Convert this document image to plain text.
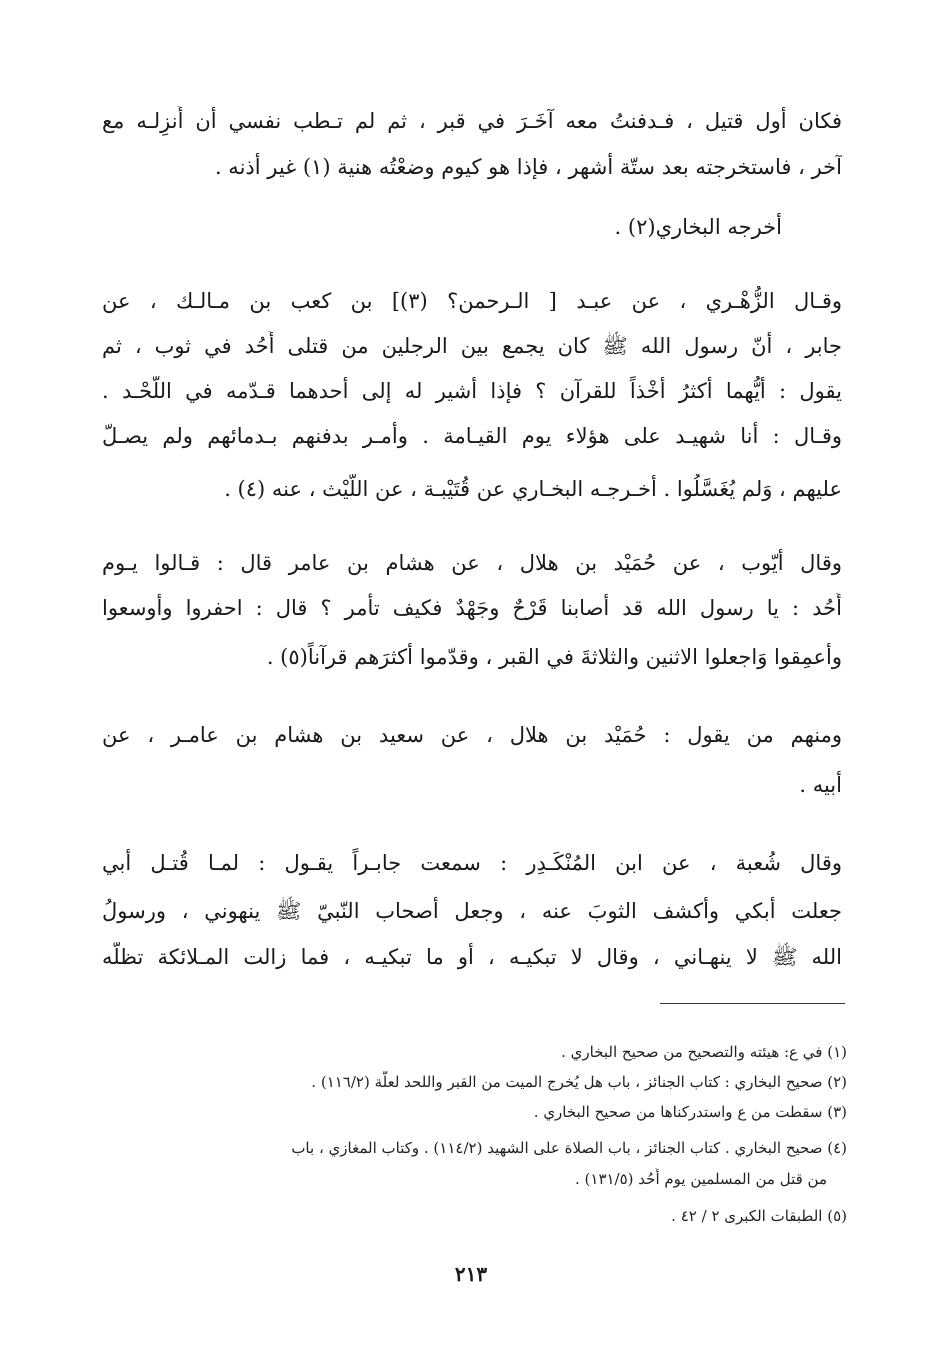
فكان أول قتيل ، فـدفنتُ معه آخَـرَ في قبر ، ثم لم تـطب نفسي أن أُنزِلـه مع
آخر ، فاستخرجته بعد ستّة أشهر ، فإذا هو كيوم وضعْتُه هنية (١) غير أذنه .
أخرجه البخاري(٢) .
وقـال الزُّهْـري ، عن عبـد [ الـرحمن؟ (٣)] بن كعب بن مـالـك ، عن
جابر ، أنّ رسول الله ﷺ كان يجمع بين الرجلين من قتلى أُحُد في ثوب ، ثم
يقول : أيُّهما أكثرُ أخْذاً للقرآن ؟ فإذا أشير له إلى أحدهما قـدّمه في اللَّحْـد .
وقـال : أنا شهيـد على هؤلاء يوم القيـامة . وأمـر بدفنهم بـدمائهم ولم يصـلّ
عليهم ، وَلم يُغَسَّلُوا . أخـرجـه البخـاري عن قُتَيْبـة ، عن اللَّيْث ، عنه (٤) .
وقال أيّوب ، عن حُمَيْد بن هلال ، عن هشام بن عامر قال : قـالوا يـوم
أُحُد : يا رسول الله قد أصابنا قَرْحٌ وجَهْدٌ فكيف تأمر ؟ قال : احفروا وأوسعوا
وأعمِقوا وَاجعلوا الاثنين والثلاثةَ في القبر ، وقدّموا أكثرَهم قرآناً(٥) .
ومنهم من يقول : حُمَيْد بن هلال ، عن سعيد بن هشام بن عامـر ، عن
أبيه .
وقال شُعبة ، عن ابن المُنْكَـدِر : سمعت جابـراً يقـول : لمـا قُتـل أبي
جعلت أبكي وأكشف الثوبَ عنه ، وجعل أصحاب النّبيّ ﷺ ينهوني ، ورسولُ
الله ﷺ لا ينهـاني ، وقال لا تبكيـه ، أو ما تبكيـه ، فما زالت المـلائكة تظلّه
(١) في ع: هيئته والتصحيح من صحيح البخاري .
(٢) صحيح البخاري : كتاب الجنائز ، باب هل يُخرج الميت من القبر واللحد لعلّة (١١٦/٢) .
(٣) سقطت من ع واستدركناها من صحيح البخاري .
(٤) صحيح البخاري . كتاب الجنائز ، باب الصلاة على الشهيد (١١٤/٢) . وكتاب المغازي ، باب
من قتل من المسلمين يوم أُحُد (١٣١/٥) .
(٥) الطبقات الكبرى ٢ / ٤٢ .
٢١٣
